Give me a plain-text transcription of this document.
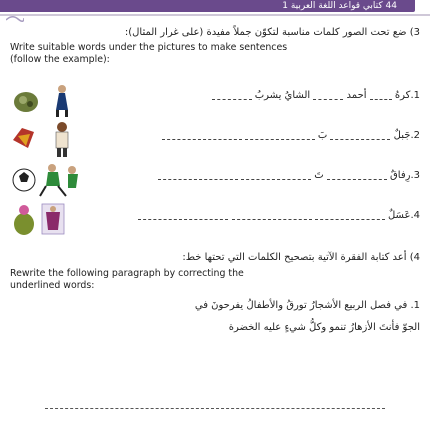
44 كتابي قواعد اللغة العربية 1
3) ضع تحت الصور كلمات مناسبة لتكوّن جملاً مفيدة (على غرار المثال):
Write suitable words under the pictures to make sentences
(follow the example):
1.كرهُ  أحمد  الشايُ يشربُ
2.جَبلٌ  بَ
3.رِفاقٌ  تَ
4.عَسَلٌ
4) أعد كتابة الفقرة الآتية بتصحيح الكلمات التي تحتها خط:
Rewrite the following paragraph by correcting the
underlined words:
1. في فصل الربيع الأشجارُ تورقُ والأطفالُ يفرحونَ في
الجوّ فأنتَ الأزهارُ تنمو وكلُّ شيءٍ عليه الخضرة
